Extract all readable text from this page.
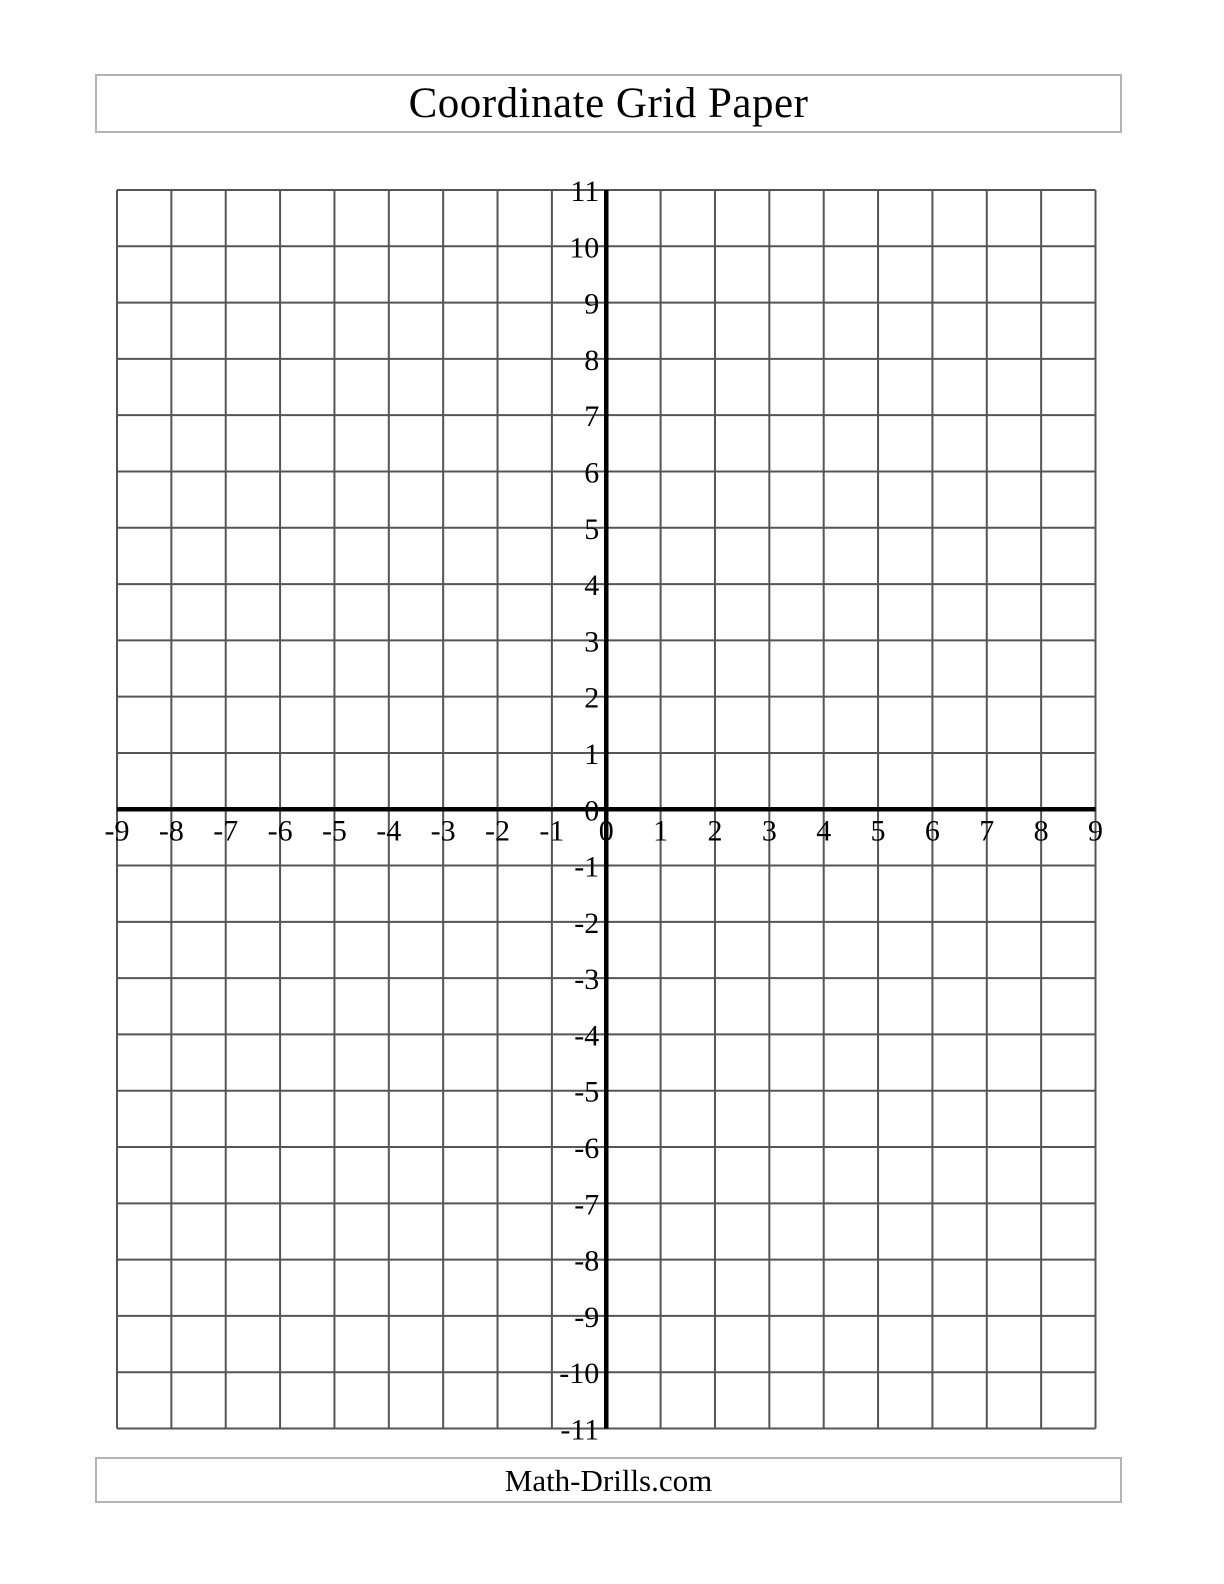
Coordinate Grid Paper
-9 -8 -7 -6 -5 -4 -3 -2 -1 0 1 2 3 4 5 6 7 8 9
11
10
9
8
7
6
5
4
3
2
1
0
-1
-2
-3
-4
-5
-6
-7
-8
-9
-10
-11
Math-Drills.com
